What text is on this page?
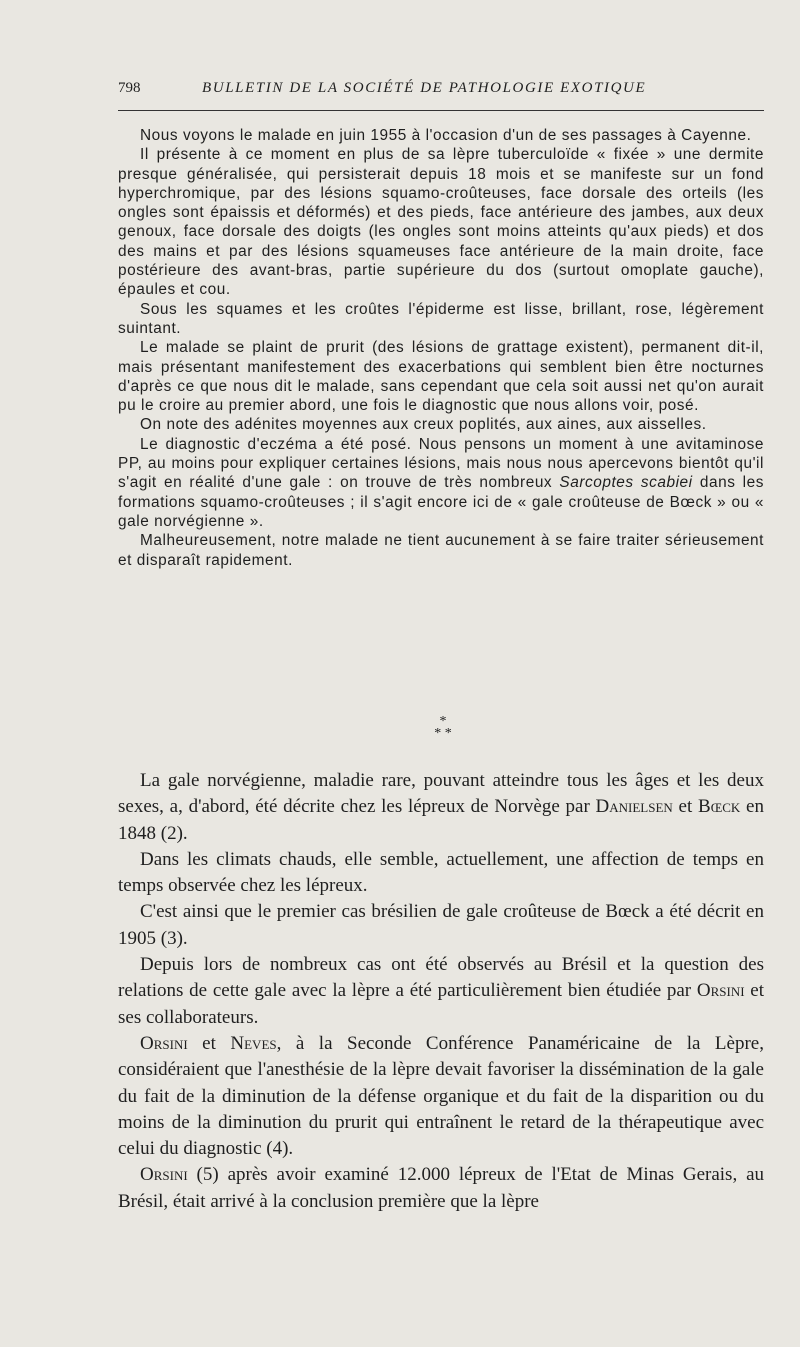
798	BULLETIN DE LA SOCIÉTÉ DE PATHOLOGIE EXOTIQUE

Nous voyons le malade en juin 1955 à l'occasion d'un de ses passages à Cayenne.

Il présente à ce moment en plus de sa lèpre tuberculoïde « fixée » une dermite presque généralisée, qui persisterait depuis 18 mois et se manifeste sur un fond hyperchromique, par des lésions squamo-croûteuses, face dorsale des orteils (les ongles sont épaissis et déformés) et des pieds, face antérieure des jambes, aux deux genoux, face dorsale des doigts (les ongles sont moins atteints qu'aux pieds) et dos des mains et par des lésions squameuses face antérieure de la main droite, face postérieure des avant-bras, partie supérieure du dos (surtout omoplate gauche), épaules et cou.

Sous les squames et les croûtes l'épiderme est lisse, brillant, rose, légèrement suintant.

Le malade se plaint de prurit (des lésions de grattage existent), permanent dit-il, mais présentant manifestement des exacerbations qui semblent bien être nocturnes d'après ce que nous dit le malade, sans cependant que cela soit aussi net qu'on aurait pu le croire au premier abord, une fois le diagnostic que nous allons voir, posé.

On note des adénites moyennes aux creux poplités, aux aines, aux aisselles.

Le diagnostic d'eczéma a été posé. Nous pensons un moment à une avitaminose PP, au moins pour expliquer certaines lésions, mais nous nous apercevons bientôt qu'il s'agit en réalité d'une gale : on trouve de très nombreux Sarcoptes scabiei dans les formations squamo-croûteuses ; il s'agit encore ici de « gale croûteuse de Bœck » ou « gale norvégienne ».

Malheureusement, notre malade ne tient aucunement à se faire traiter sérieusement et disparaît rapidement.

*
* *

La gale norvégienne, maladie rare, pouvant atteindre tous les âges et les deux sexes, a, d'abord, été décrite chez les lépreux de Norvège par Danielsen et Bœck en 1848 (2).

Dans les climats chauds, elle semble, actuellement, une affection de temps en temps observée chez les lépreux.

C'est ainsi que le premier cas brésilien de gale croûteuse de Bœck a été décrit en 1905 (3).

Depuis lors de nombreux cas ont été observés au Brésil et la question des relations de cette gale avec la lèpre a été particulièrement bien étudiée par Orsini et ses collaborateurs.

Orsini et Neves, à la Seconde Conférence Panaméricaine de la Lèpre, considéraient que l'anesthésie de la lèpre devait favoriser la dissémination de la gale du fait de la diminution de la défense organique et du fait de la disparition ou du moins de la diminution du prurit qui entraînent le retard de la thérapeutique avec celui du diagnostic (4).

Orsini (5) après avoir examiné 12.000 lépreux de l'Etat de Minas Gerais, au Brésil, était arrivé à la conclusion première que la lèpre
